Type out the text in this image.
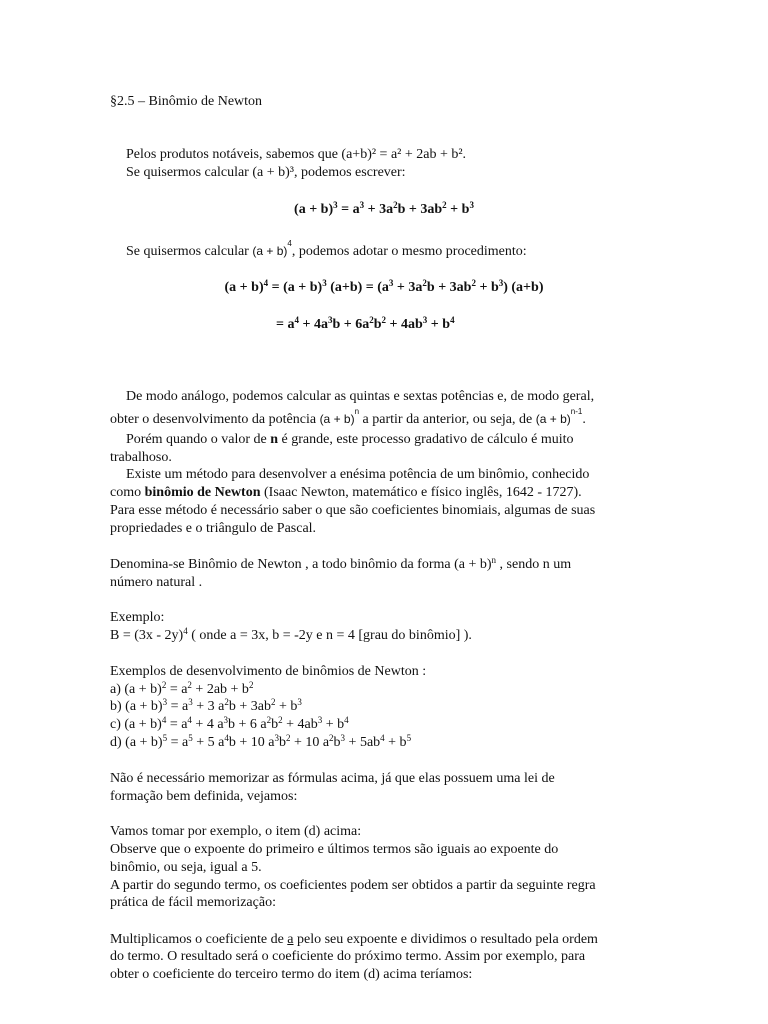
§2.5 – Binômio de Newton
Pelos produtos notáveis, sabemos que (a+b)² = a² + 2ab + b².
Se quisermos calcular (a + b)³, podemos escrever:
$(a + b)^3 = a^3 + 3a^2b + 3ab^2 + b^3$
Se quisermos calcular $(a + b)^4$, podemos adotar o mesmo procedimento:
$(a + b)^4 = (a + b)^3$ $(a+b) = (a^3 + 3a^2b + 3ab^2 + b^3)$ (a+b)
= $a^4 + 4a^3b + 6a^2b^2 + 4ab^3 + b^4$
De modo análogo, podemos calcular as quintas e sextas potências e, de modo geral,
obter o desenvolvimento da potência $(a + b)^n$ a partir da anterior, ou seja, de $(a + b)^{n-1}$.
Porém quando o valor de n é grande, este processo gradativo de cálculo é muito
trabalhoso.
Existe um método para desenvolver a enésima potência de um binômio, conhecido
como binômio de Newton (Isaac Newton, matemático e físico inglês, 1642 - 1727).
Para esse método é necessário saber o que são coeficientes binomiais, algumas de suas
propriedades e o triângulo de Pascal.
Denomina-se Binômio de Newton , a todo binômio da forma $(a + b)^n$ , sendo n um
número natural .
Exemplo:
B = (3x - 2y)$^4$ ( onde a = 3x, b = -2y e n = 4 [grau do binômio] ).
Exemplos de desenvolvimento de binômios de Newton :
a) $(a + b)^2 = a^2 + 2ab + b^2$
b) $(a + b)^3 = a^3 + 3$ $a^2b + 3ab^2 + b^3$
c) $(a + b)^4 = a^4 + 4$ $a^3b + 6$ $a^2b^2 + 4ab^3 + b^4$
d) $(a + b)^5 = a^5 + 5$ $a^4b + 10$ $a^3b^2 + 10$ $a^2b^3 + 5ab^4 + b^5$
Não é necessário memorizar as fórmulas acima, já que elas possuem uma lei de
formação bem definida, vejamos:
Vamos tomar por exemplo, o item (d) acima:
Observe que o expoente do primeiro e últimos termos são iguais ao expoente do
binômio, ou seja, igual a 5.
A partir do segundo termo, os coeficientes podem ser obtidos a partir da seguinte regra
prática de fácil memorização:
Multiplicamos o coeficiente de a pelo seu expoente e dividimos o resultado pela ordem
do termo. O resultado será o coeficiente do próximo termo. Assim por exemplo, para
obter o coeficiente do terceiro termo do item (d) acima teríamos:
